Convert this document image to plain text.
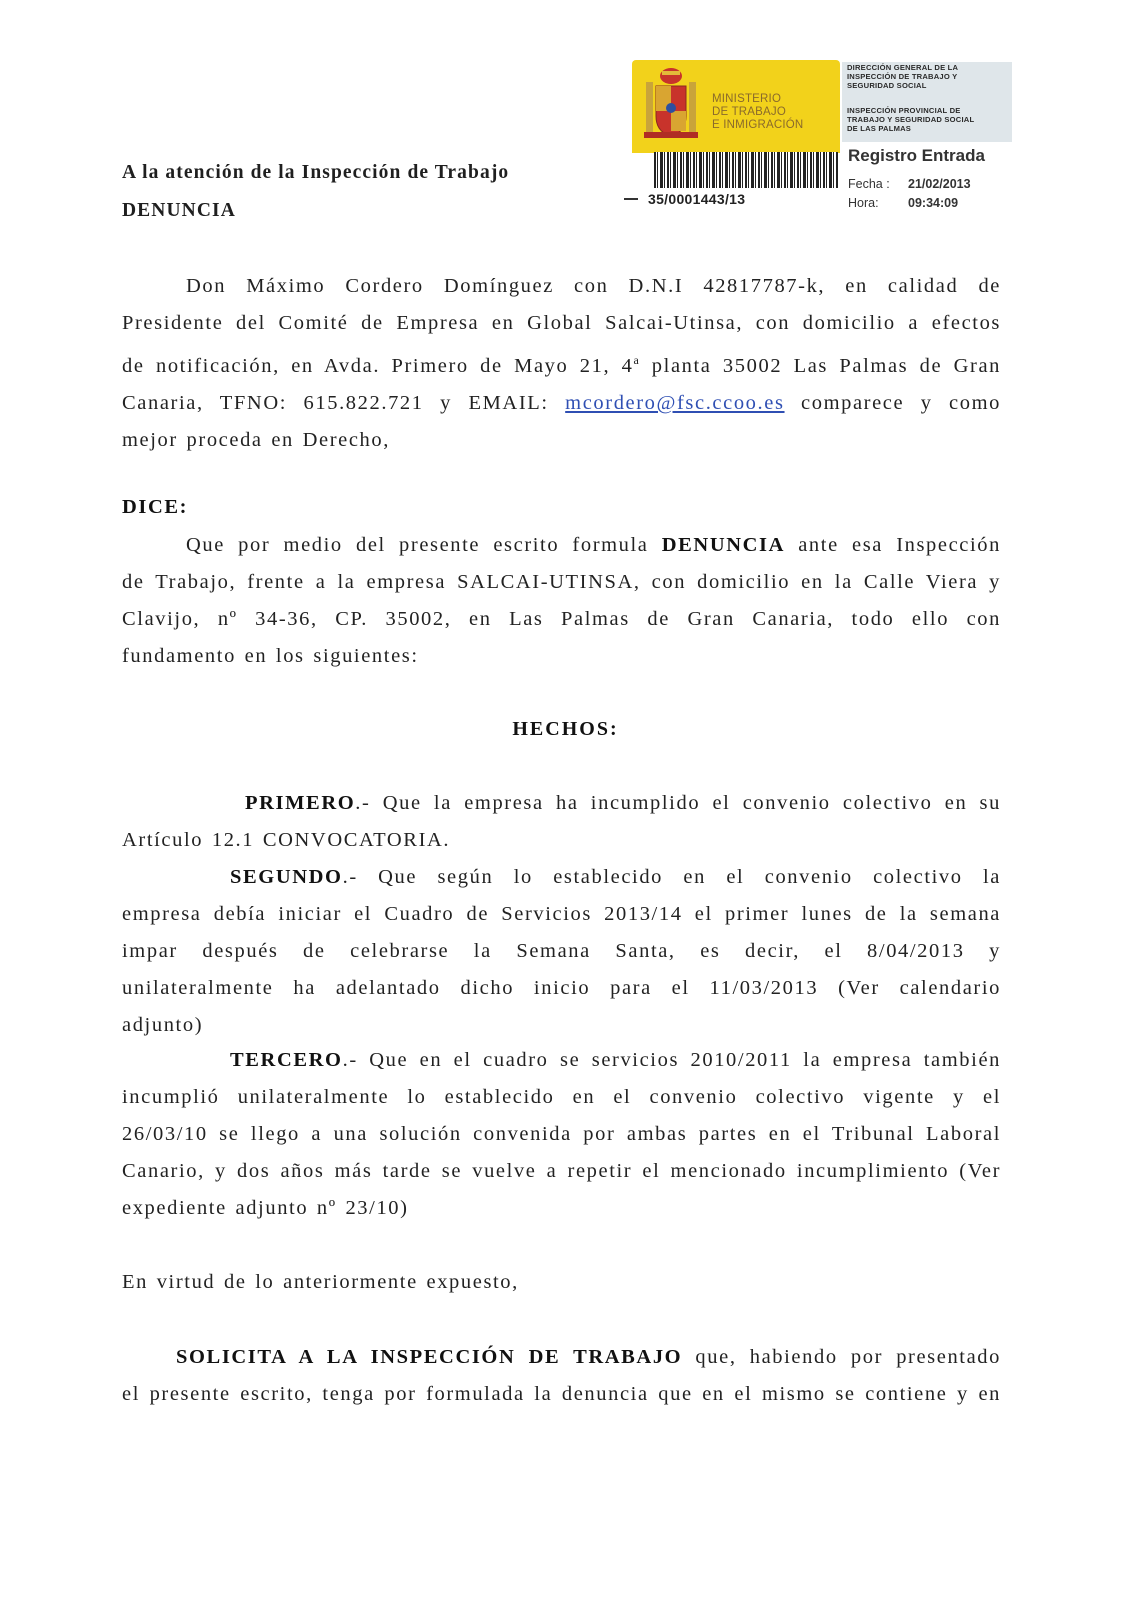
MINISTERIO
DE TRABAJO
E INMIGRACIÓN
35/0001443/13
DIRECCIÓN GENERAL DE LA
INSPECCIÓN DE TRABAJO Y
SEGURIDAD SOCIAL
INSPECCIÓN PROVINCIAL DE
TRABAJO Y SEGURIDAD SOCIAL
DE LAS PALMAS
Registro Entrada
Fecha : 21/02/2013
Hora: 09:34:09
A la atención de la Inspección de Trabajo
DENUNCIA
Don Máximo Cordero Domínguez con D.N.I 42817787-k, en calidad de
Presidente del Comité de Empresa en Global Salcai-Utinsa, con domicilio a efectos
de notificación, en Avda. Primero de Mayo 21, 4$^a$ planta 35002 Las Palmas de Gran
Canaria, TFNO: 615.822.721 y EMAIL: mcordero@fsc.ccoo.es comparece y como
mejor proceda en Derecho,
DICE:
Que por medio del presente escrito formula DENUNCIA ante esa Inspección
de Trabajo, frente a la empresa SALCAI-UTINSA, con domicilio en la Calle Viera y
Clavijo, nº 34-36, CP. 35002, en Las Palmas de Gran Canaria, todo ello con
fundamento en los siguientes:
HECHOS:
PRIMERO.- Que la empresa ha incumplido el convenio colectivo en su
Artículo 12.1 CONVOCATORIA.
SEGUNDO.- Que según lo establecido en el convenio colectivo la
empresa debía iniciar el Cuadro de Servicios 2013/14 el primer lunes de la semana
impar después de celebrarse la Semana Santa, es decir, el 8/04/2013 y
unilateralmente ha adelantado dicho inicio para el 11/03/2013 (Ver calendario
adjunto)
TERCERO.- Que en el cuadro se servicios 2010/2011 la empresa también
incumplió unilateralmente lo establecido en el convenio colectivo vigente y el
26/03/10 se llego a una solución convenida por ambas partes en el Tribunal Laboral
Canario, y dos años más tarde se vuelve a repetir el mencionado incumplimiento (Ver
expediente adjunto nº 23/10)
En virtud de lo anteriormente expuesto,
SOLICITA A LA INSPECCIÓN DE TRABAJO que, habiendo por presentado
el presente escrito, tenga por formulada la denuncia que en el mismo se contiene y en
